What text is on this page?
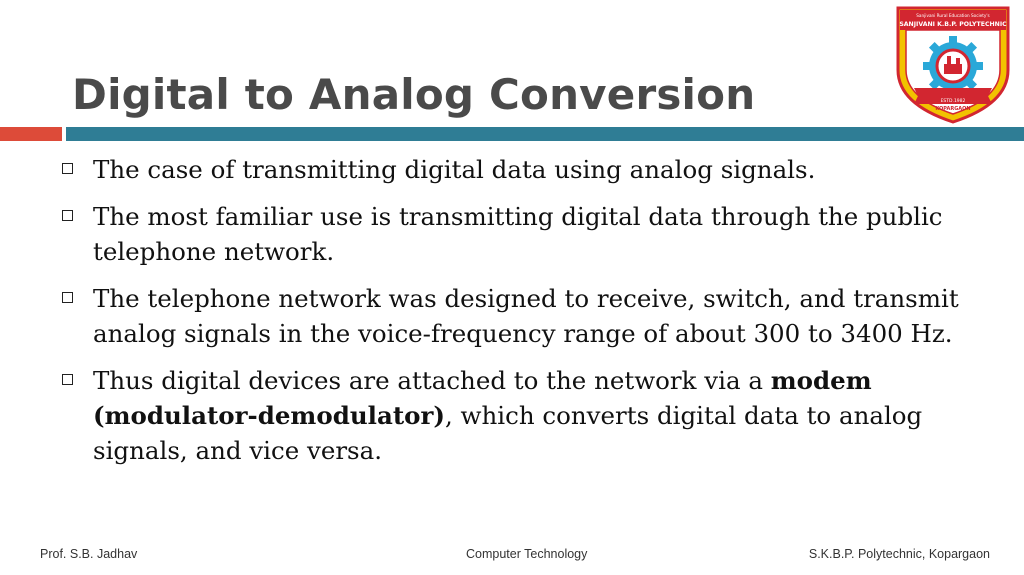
Digital to Analog Conversion
The case of transmitting digital data using analog signals.
The most familiar use is transmitting digital data through the public telephone network.
The telephone network was designed to receive, switch, and transmit analog signals in the voice-frequency range of about 300 to 3400 Hz.
Thus digital devices are attached to the network via a modem (modulator-demodulator), which converts digital data to analog signals, and vice versa.
Sanjivani Rural Education Society's
SANJIVANI K.B.P. POLYTECHNIC
ESTD.1982
KOPARGAON
Prof. S.B. Jadhav	Computer Technology	S.K.B.P. Polytechnic, Kopargaon
